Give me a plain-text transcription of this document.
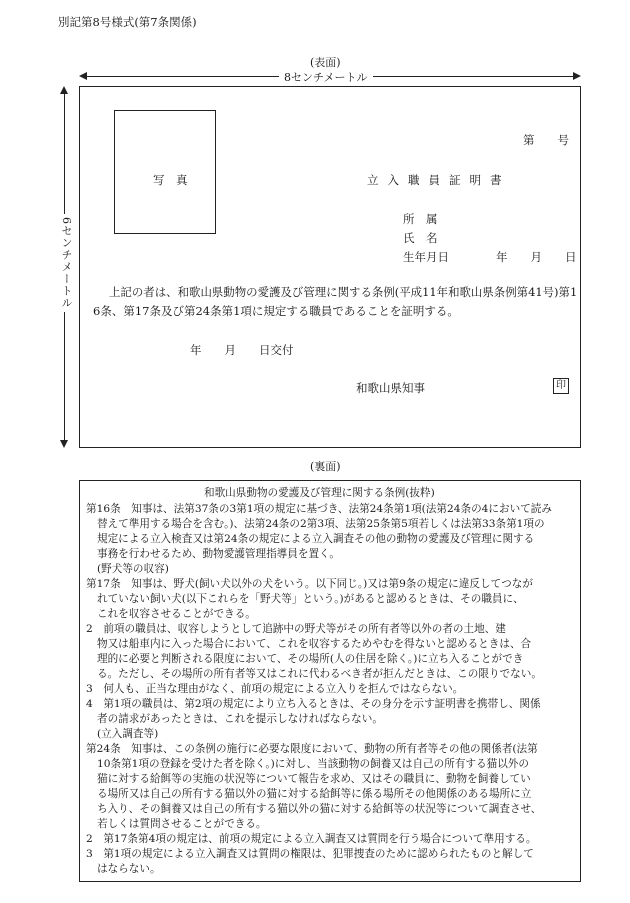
別記第8号様式(第7条関係)
(表面)
8センチメートル
6センチメートル
写　真
第　　号
立入職員証明書
所　属
氏　名
生年月日	年　　月　　日
上記の者は、和歌山県動物の愛護及び管理に関する条例(平成11年和歌山県条例第41号)第1
6条、第17条及び第24条第1項に規定する職員であることを証明する。
年　　月　　日交付
和歌山県知事	印
(裏面)
和歌山県動物の愛護及び管理に関する条例(抜粋)
第16条　知事は、法第37条の3第1項の規定に基づき、法第24条第1項(法第24条の4において読み
替えて準用する場合を含む。)、法第24条の2第3項、法第25条第5項若しくは法第33条第1項の
規定による立入検査又は第24条の規定による立入調査その他の動物の愛護及び管理に関する
事務を行わせるため、動物愛護管理指導員を置く。
(野犬等の収容)
第17条　知事は、野犬(飼い犬以外の犬をいう。以下同じ。)又は第9条の規定に違反してつなが
れていない飼い犬(以下これらを「野犬等」という。)があると認めるときは、その職員に、
これを収容させることができる。
2　前項の職員は、収容しようとして追跡中の野犬等がその所有者等以外の者の土地、建
物又は船車内に入った場合において、これを収容するためやむを得ないと認めるときは、合
理的に必要と判断される限度において、その場所(人の住居を除く。)に立ち入ることができ
る。ただし、その場所の所有者等又はこれに代わるべき者が拒んだときは、この限りでない。
3　何人も、正当な理由がなく、前項の規定による立入りを拒んではならない。
4　第1項の職員は、第2項の規定により立ち入るときは、その身分を示す証明書を携帯し、関係
者の請求があったときは、これを提示しなければならない。
(立入調査等)
第24条　知事は、この条例の施行に必要な限度において、動物の所有者等その他の関係者(法第
10条第1項の登録を受けた者を除く。)に対し、当該動物の飼養又は自己の所有する猫以外の
猫に対する給餌等の実施の状況等について報告を求め、又はその職員に、動物を飼養してい
る場所又は自己の所有する猫以外の猫に対する給餌等に係る場所その他関係のある場所に立
ち入り、その飼養又は自己の所有する猫以外の猫に対する給餌等の状況等について調査させ、
若しくは質問させることができる。
2　第17条第4項の規定は、前項の規定による立入調査又は質問を行う場合について準用する。
3　第1項の規定による立入調査又は質問の権限は、犯罪捜査のために認められたものと解して
はならない。
